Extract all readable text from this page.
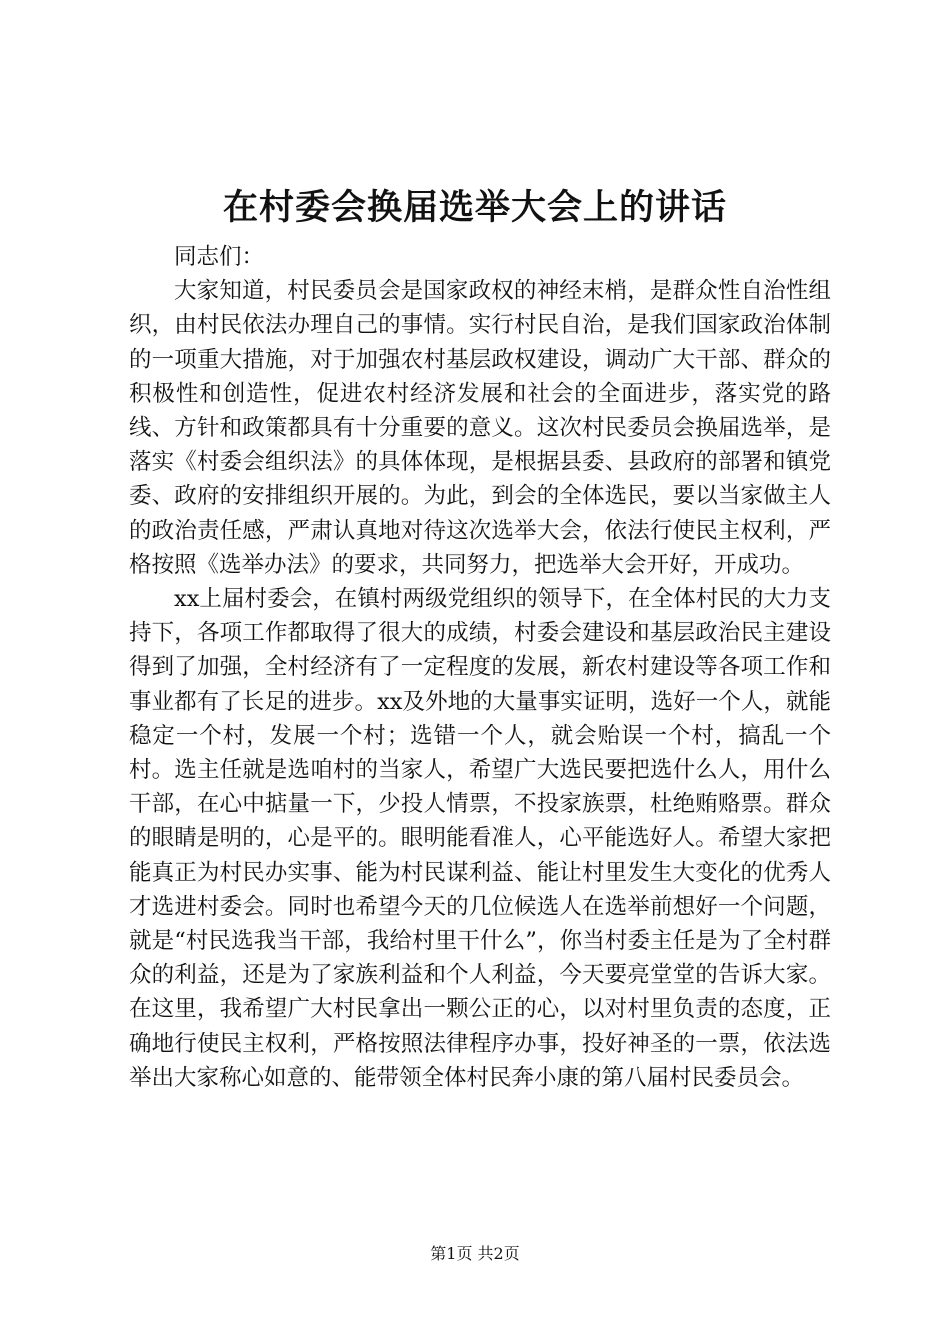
在村委会换届选举大会上的讲话

同志们：

大家知道，村民委员会是国家政权的神经末梢，是群众性自治性组织，由村民依法办理自己的事情。实行村民自治，是我们国家政治体制的一项重大措施，对于加强农村基层政权建设，调动广大干部、群众的积极性和创造性，促进农村经济发展和社会的全面进步，落实党的路线、方针和政策都具有十分重要的意义。这次村民委员会换届选举，是落实《村委会组织法》的具体体现，是根据县委、县政府的部署和镇党委、政府的安排组织开展的。为此，到会的全体选民，要以当家做主人的政治责任感，严肃认真地对待这次选举大会，依法行使民主权利，严格按照《选举办法》的要求，共同努力，把选举大会开好，开成功。

xx上届村委会，在镇村两级党组织的领导下，在全体村民的大力支持下，各项工作都取得了很大的成绩，村委会建设和基层政治民主建设得到了加强，全村经济有了一定程度的发展，新农村建设等各项工作和事业都有了长足的进步。xx及外地的大量事实证明，选好一个人，就能稳定一个村，发展一个村；选错一个人，就会贻误一个村，搞乱一个村。选主任就是选咱村的当家人，希望广大选民要把选什么人，用什么干部，在心中掂量一下，少投人情票，不投家族票，杜绝贿赂票。群众的眼睛是明的，心是平的。眼明能看准人，心平能选好人。希望大家把能真正为村民办实事、能为村民谋利益、能让村里发生大变化的优秀人才选进村委会。同时也希望今天的几位候选人在选举前想好一个问题，就是“村民选我当干部，我给村里干什么”，你当村委主任是为了全村群众的利益，还是为了家族利益和个人利益，今天要亮堂堂的告诉大家。在这里，我希望广大村民拿出一颗公正的心，以对村里负责的态度，正确地行使民主权利，严格按照法律程序办事，投好神圣的一票，依法选举出大家称心如意的、能带领全体村民奔小康的第八届村民委员会。

第1页 共2页
